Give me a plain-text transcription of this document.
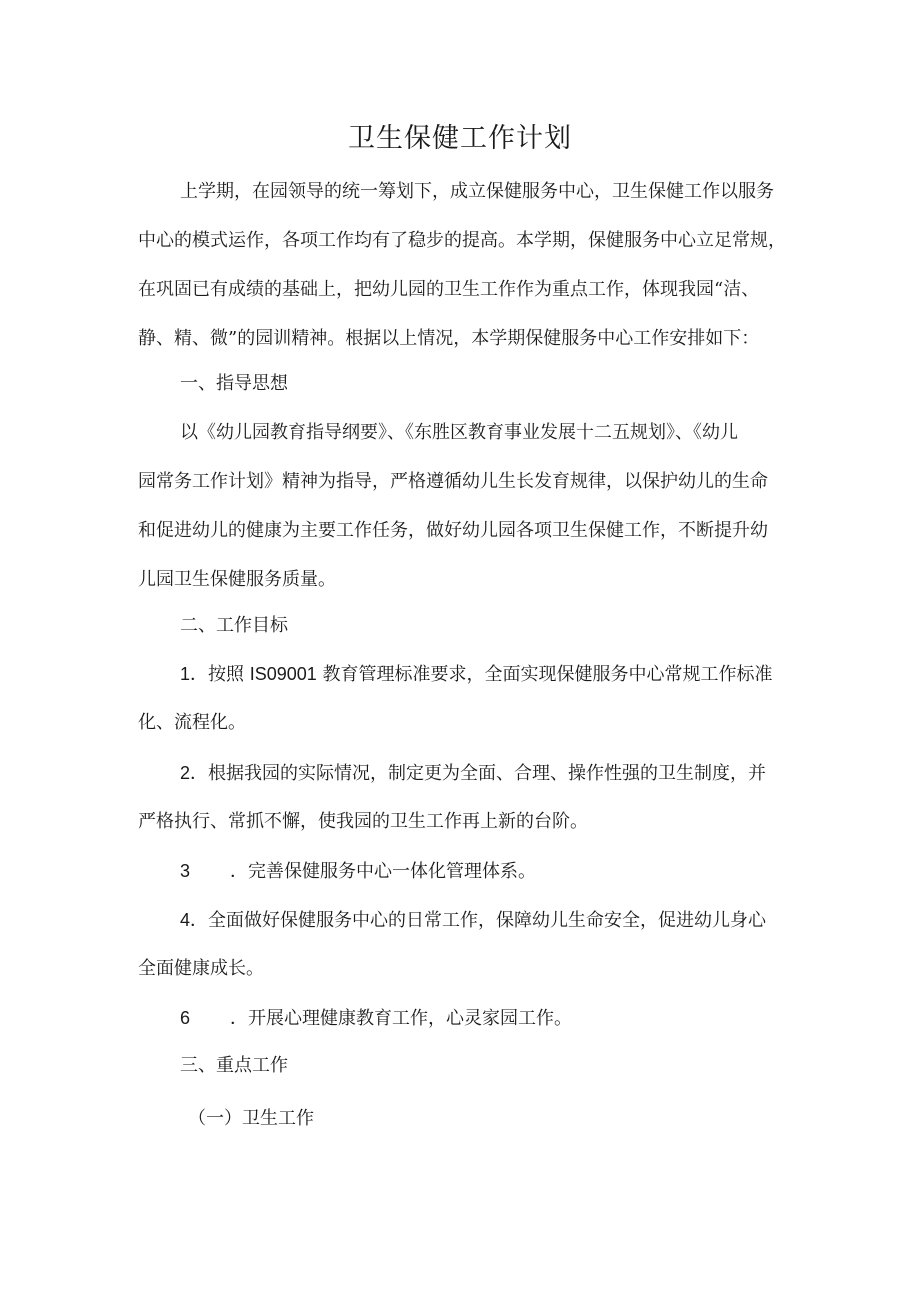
卫生保健工作计划
上学期，在园领导的统一筹划下，成立保健服务中心，卫生保健工作以服务
中心的模式运作，各项工作均有了稳步的提高。本学期，保健服务中心立足常规，
在巩固已有成绩的基础上，把幼儿园的卫生工作作为重点工作，体现我园“洁、
静、精、微”的园训精神。根据以上情况，本学期保健服务中心工作安排如下：
一、指导思想
以《幼儿园教育指导纲要》、《东胜区教育事业发展十二五规划》、《幼儿
园常务工作计划》精神为指导，严格遵循幼儿生长发育规律，以保护幼儿的生命
和促进幼儿的健康为主要工作任务，做好幼儿园各项卫生保健工作，不断提升幼
儿园卫生保健服务质量。
二、工作目标
1．按照 IS09001 教育管理标准要求，全面实现保健服务中心常规工作标准
化、流程化。
2．根据我园的实际情况，制定更为全面、合理、操作性强的卫生制度，并
严格执行、常抓不懈，使我园的卫生工作再上新的台阶。
3 ．完善保健服务中心一体化管理体系。
4．全面做好保健服务中心的日常工作，保障幼儿生命安全，促进幼儿身心
全面健康成长。
6 ．开展心理健康教育工作，心灵家园工作。
三、重点工作
（一）卫生工作
